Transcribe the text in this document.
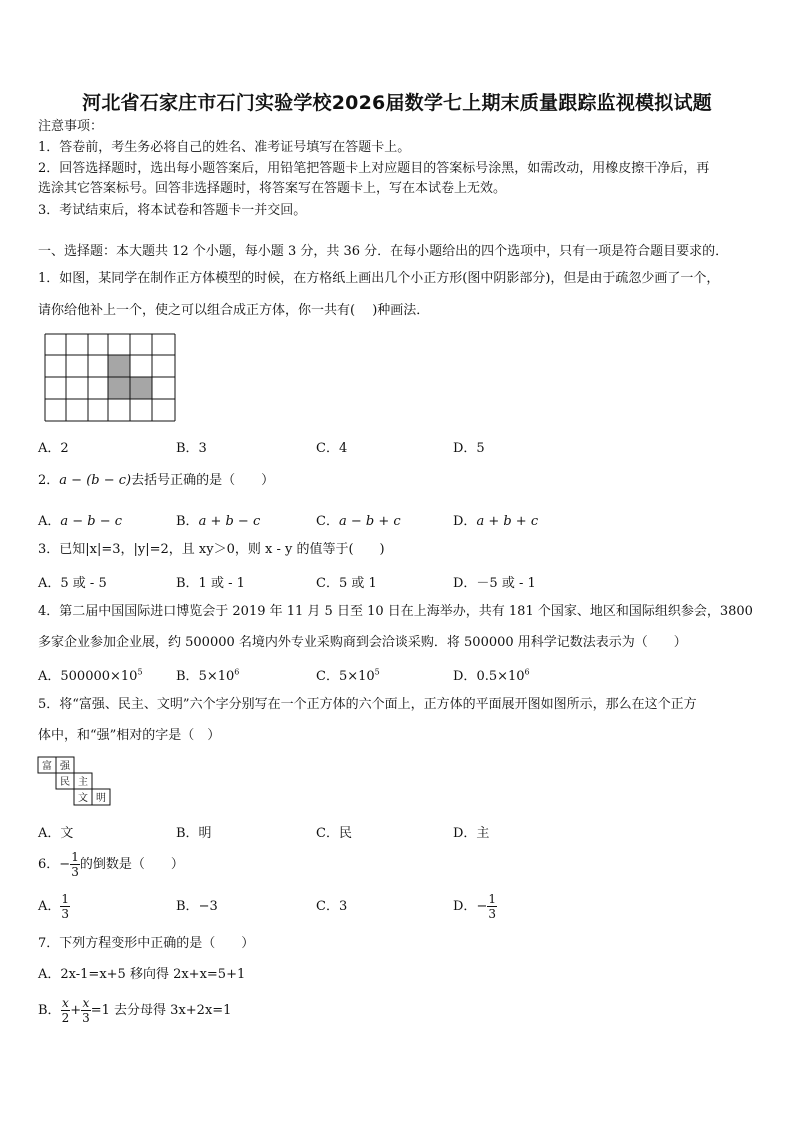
河北省石家庄市石门实验学校2026届数学七上期末质量跟踪监视模拟试题
注意事项：
1．答卷前，考生务必将自己的姓名、准考证号填写在答题卡上。
2．回答选择题时，选出每小题答案后，用铅笔把答题卡上对应题目的答案标号涂黑，如需改动，用橡皮擦干净后，再
选涂其它答案标号。回答非选择题时，将答案写在答题卡上，写在本试卷上无效。
3．考试结束后，将本试卷和答题卡一并交回。
一、选择题：本大题共 12 个小题，每小题 3 分，共 36 分．在每小题给出的四个选项中，只有一项是符合题目要求的．
1．如图，某同学在制作正方体模型的时候，在方格纸上画出几个小正方形(图中阴影部分)，但是由于疏忽少画了一个，
请你给他补上一个，使之可以组合成正方体，你一共有(　 )种画法．
A．2	B．3	C．4	D．5
2．a − (b − c)去括号正确的是（　　）
A．a − b − c	B．a + b − c	C．a − b + c	D．a + b + c
3．已知|x|=3，|y|=2，且 xy＞0，则 x - y 的值等于(　　)
A．5 或 - 5	B．1 或 - 1	C．5 或 1	D．－5 或 - 1
4．第二届中国国际进口博览会于 2019 年 11 月 5 日至 10 日在上海举办，共有 181 个国家、地区和国际组织参会，3800
多家企业参加企业展，约 500000 名境内外专业采购商到会洽谈采购．将 500000 用科学记数法表示为（　　）
A．$500000\times 10^5$	B．$5\times 10^6$	C．$5\times 10^5$	D．$0.5\times 10^6$
5．将“富强、民主、文明”六个字分别写在一个正方体的六个面上，正方体的平面展开图如图所示，那么在这个正方
体中，和“强”相对的字是（　）
富 强
民 主
文 明
A．文	B．明	C．民	D．主
6．− $\frac{1}{3}$ 的倒数是（　　）
A． $\frac{1}{3}$	B．−3	C．3	D．− $\frac{1}{3}$
7．下列方程变形中正确的是（　　）
A．2x-1=x+5 移向得 2x+x=5+1
B． $\frac{x}{2} + \frac{x}{3} =1$ 去分母得 3x+2x=1
